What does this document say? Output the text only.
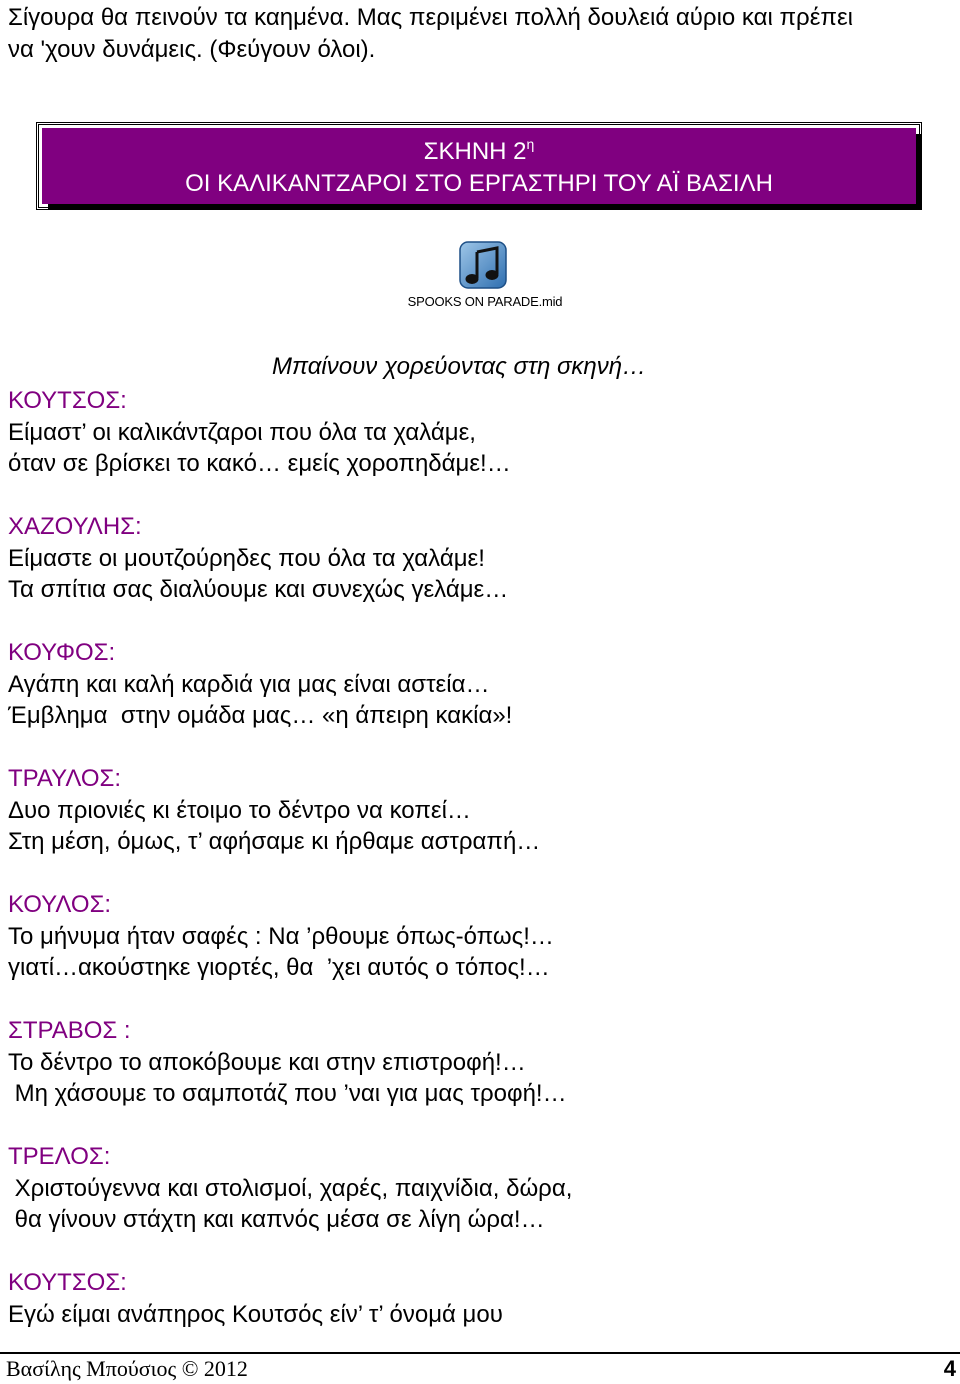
Σίγουρα θα πεινούν τα καημένα. Μας περιμένει πολλή δουλειά αύριο και πρέπει
να 'χουν δυνάμεις. (Φεύγουν όλοι).

ΣΚΗΝΗ $2^\eta$
ΟΙ ΚΑΛΙΚΑΝΤΖΑΡΟΙ ΣΤΟ ΕΡΓΑΣΤΗΡΙ ΤΟΥ ΑΪ ΒΑΣΙΛΗ
SPOOKS ON PARADE.mid
Μπαίνουν χορεύοντας στη σκηνή…
ΚΟΥΤΣΟΣ:
Είμαστ’ οι καλικάντζαροι που όλα τα χαλάμε,
όταν σε βρίσκει το κακό… εμείς χοροπηδάμε!…
ΧΑΖΟΥΛΗΣ:
Είμαστε οι μουτζούρηδες που όλα τα χαλάμε!
Τα σπίτια σας διαλύουμε και συνεχώς γελάμε…
ΚΟΥΦΟΣ:
Αγάπη και καλή καρδιά για μας είναι αστεία…
Έμβλημα  στην ομάδα μας… «η άπειρη κακία»!
ΤΡΑΥΛΟΣ:
Δυο πριονιές κι έτοιμο το δέντρο να κοπεί…
Στη μέση, όμως, τ’ αφήσαμε κι ήρθαμε αστραπή…
ΚΟΥΛΟΣ:
Το μήνυμα ήταν σαφές : Να ’ρθουμε όπως-όπως!…
γιατί…ακούστηκε γιορτές, θα  ’χει αυτός ο τόπος!…
ΣΤΡΑΒΟΣ :
Το δέντρο το αποκόβουμε και στην επιστροφή!…
Μη χάσουμε το σαμποτάζ που ’ναι για μας τροφή!…
ΤΡΕΛΟΣ:
Χριστούγεννα και στολισμοί, χαρές, παιχνίδια, δώρα,
θα γίνουν στάχτη και καπνός μέσα σε λίγη ώρα!…
ΚΟΥΤΣΟΣ:
Εγώ είμαι ανάπηρος Κουτσός είν’ τ’ όνομά μου
Βασίλης Μπούσιος © 2012	4
